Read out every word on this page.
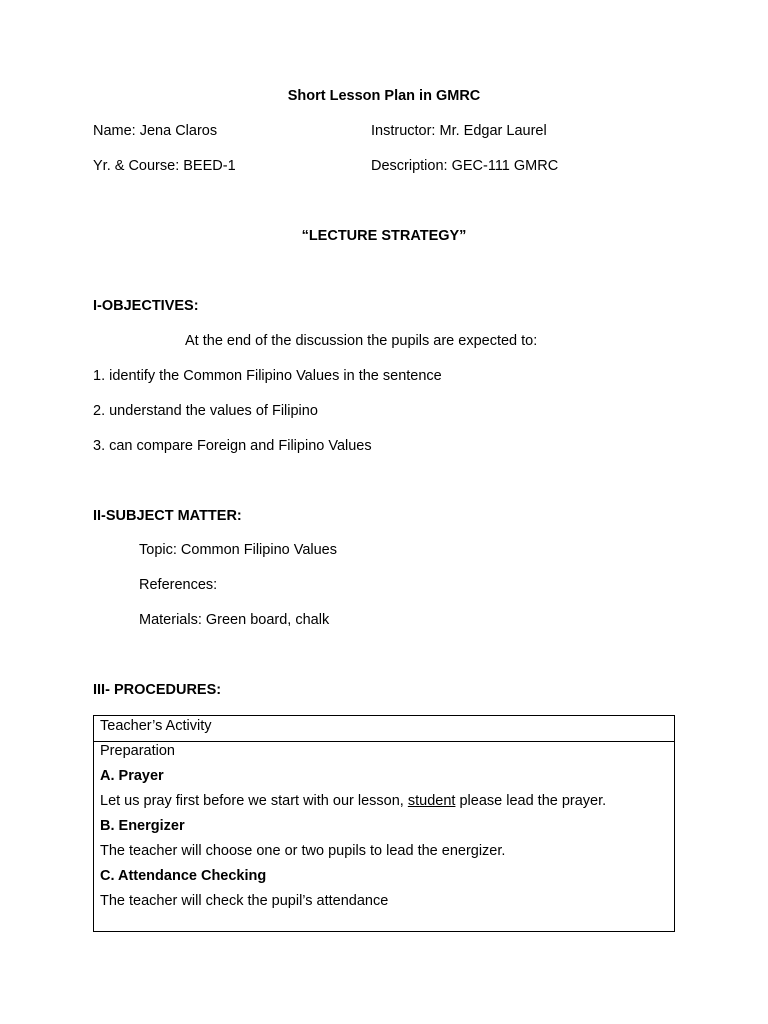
Short Lesson Plan in GMRC
Name: Jena Claros	Instructor: Mr. Edgar Laurel
Yr. & Course: BEED-1	Description: GEC-111 GMRC
“LECTURE STRATEGY”
I-OBJECTIVES:
At the end of the discussion the pupils are expected to:
1. identify the Common Filipino Values in the sentence
2. understand the values of Filipino
3. can compare Foreign and Filipino Values
II-SUBJECT MATTER:
Topic: Common Filipino Values
References:
Materials: Green board, chalk
III- PROCEDURES:
Teacher’s Activity
Preparation
A. Prayer
Let us pray first before we start with our lesson, student please lead the prayer.
B. Energizer
The teacher will choose one or two pupils to lead the energizer.
C. Attendance Checking
The teacher will check the pupil’s attendance
